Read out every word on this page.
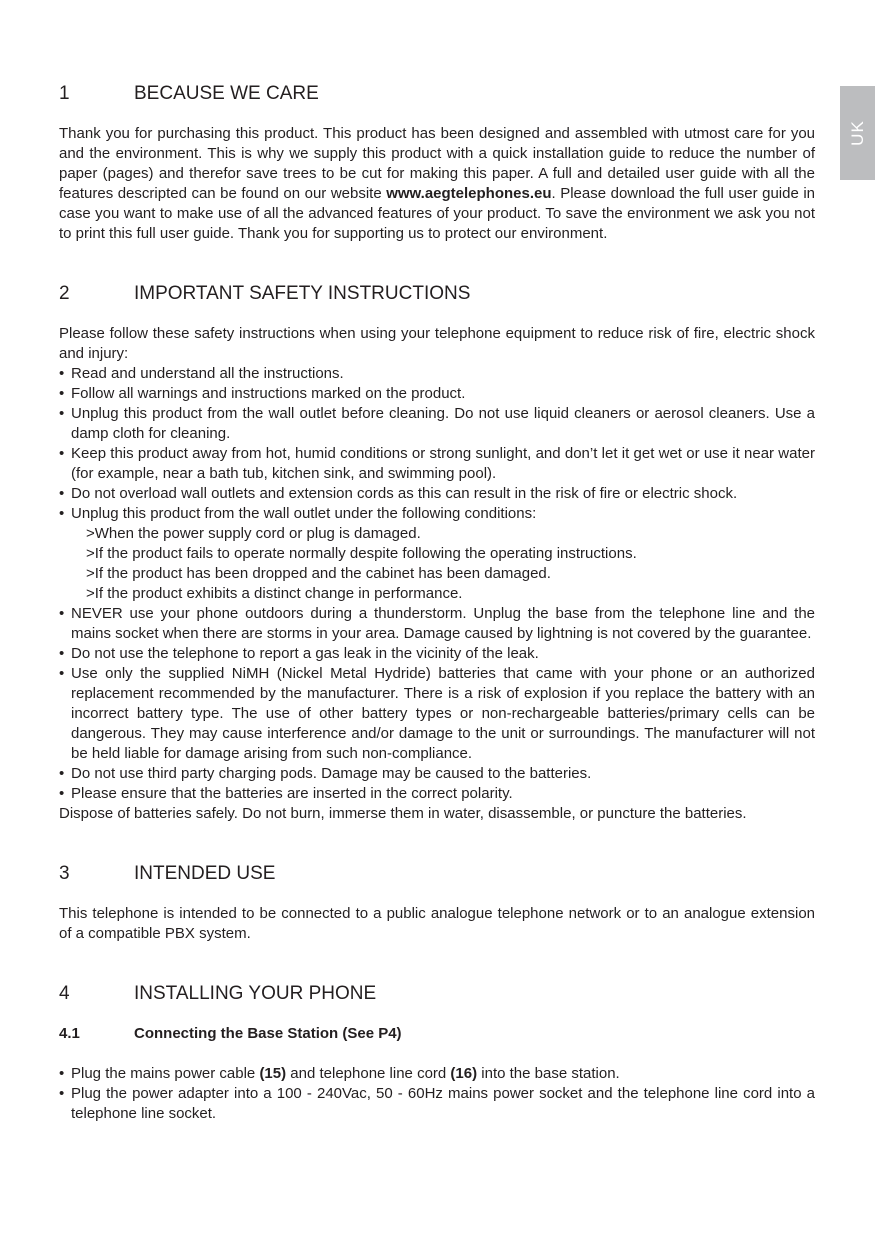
UK
1	BECAUSE WE CARE

Thank you for purchasing this product. This product has been designed and assembled with utmost care for you and the environment. This is why we supply this product with a quick installation guide to reduce the number of paper (pages) and therefor save trees to be cut for making this paper. A full and detailed user guide with all the features descripted can be found on our website www.aegtelephones.eu. Please download the full user guide in case you want to make use of all the advanced features of your product. To save the environment we ask you not to print this full user guide. Thank you for supporting us to protect our environment.

2	IMPORTANT SAFETY INSTRUCTIONS

Please follow these safety instructions when using your telephone equipment to reduce risk of fire, electric shock and injury:

• Read and understand all the instructions.
• Follow all warnings and instructions marked on the product.
• Unplug this product from the wall outlet before cleaning. Do not use liquid cleaners or aerosol cleaners. Use a damp cloth for cleaning.
• Keep this product away from hot, humid conditions or strong sunlight, and don’t let it get wet or use it near water (for example, near a bath tub, kitchen sink, and swimming pool).
• Do not overload wall outlets and extension cords as this can result in the risk of fire or electric shock.
• Unplug this product from the wall outlet under the following conditions:
>When the power supply cord or plug is damaged.
>If the product fails to operate normally despite following the operating instructions.
>If the product has been dropped and the cabinet has been damaged.
>If the product exhibits a distinct change in performance.
• NEVER use your phone outdoors during a thunderstorm. Unplug the base from the telephone line and the mains socket when there are storms in your area. Damage caused by lightning is not covered by the guarantee.
• Do not use the telephone to report a gas leak in the vicinity of the leak.
• Use only the supplied NiMH (Nickel Metal Hydride) batteries that came with your phone or an authorized replacement recommended by the manufacturer. There is a risk of explosion if you replace the battery with an incorrect battery type. The use of other battery types or non-rechargeable batteries/primary cells can be dangerous. They may cause interference and/or damage to the unit or surroundings. The manufacturer will not be held liable for damage arising from such non-compliance.
• Do not use third party charging pods. Damage may be caused to the batteries.
• Please ensure that the batteries are inserted in the correct polarity.

Dispose of batteries safely. Do not burn, immerse them in water, disassemble, or puncture the batteries.

3	INTENDED USE

This telephone is intended to be connected to a public analogue telephone network or to an analogue extension of a compatible PBX system.

4	INSTALLING YOUR PHONE
4.1	Connecting the Base Station (See P4)
• Plug the mains power cable (15) and telephone line cord (16) into the base station.
• Plug the power adapter into a 100 - 240Vac, 50 - 60Hz mains power socket and the telephone line cord into a telephone line socket.
